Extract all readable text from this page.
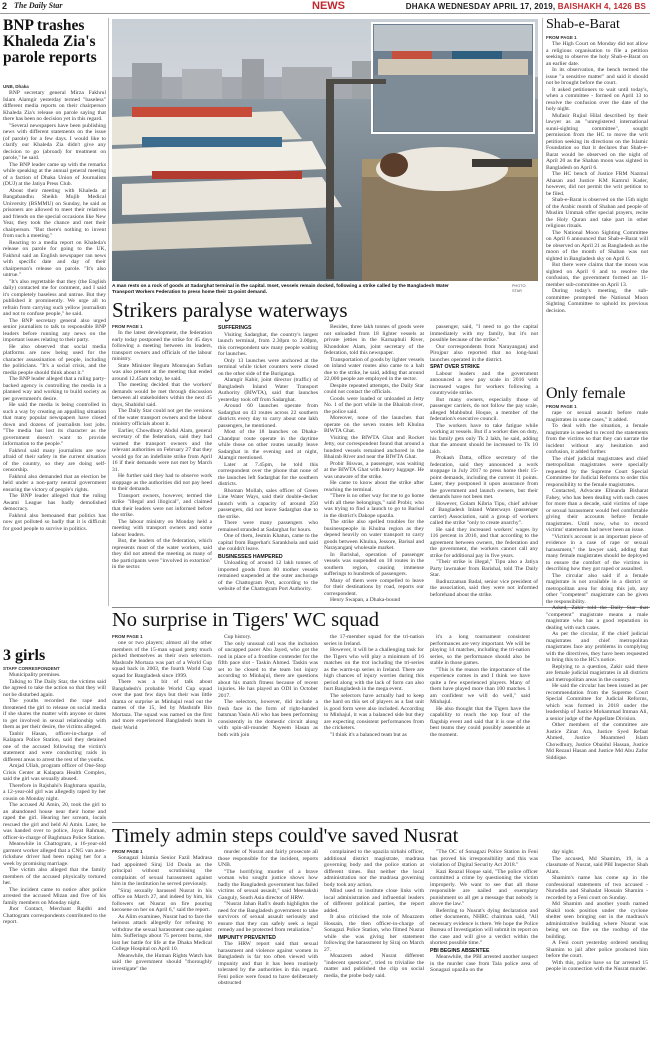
2 The Daily Star	NEWS	DHAKA WEDNESDAY APRIL 17, 2019, BAISHAKH 4, 1426 BS
BNP trashes Khaleda Zia's parole reports
UNB, Dhaka

BNP secretary general Mirza Fakhrul Islam Alamgir yesterday termed "baseless" different media reports on their chairperson Khaleda Zia's release on parole saying that there has been no decision yet in this regard.

"Several newspapers have been publishing news with different statements on the issue (of parole) for a few days. I would like to clarify our Khaleda Zia didn't give any decision to go (abroad) for treatment on parole," he said.

The BNP leader came up with the remarks while speaking at the annual general meeting of a faction of Dhaka Union of Journalists (DUJ) at the Jatiya Press Club.

About their meeting with Khaleda at Bangabandhu Sheikh Mujib Medical University (BSMMU) on Sunday, he said as prisoners are allowed to meet their relatives and friends on the special occasions like New Year, they took the chance and met their chairperson. "But there's nothing to invent from such a meeting."

Reacting to a media report on Khaleda's release on parole for going to the UK, Fakhrul said an English newspaper ran news with specific date and day of their chairperson's release on parole. "It's also untrue."

"It's also regrettable that they (the English daily) contacted me for comment, and I said it's completely baseless and untrue. But they published it prominently. We urge all to refrain from carrying such yellow journalism and not to confuse people," he said.

The BNP secretary general also urged senior journalists to talk to responsible BNP leaders before running any news on the important issues relating to their party.

He also observed that social media platforms are now being used for the character assassination of people, including the politicians. "It's a social crisis, and the media people should think about it."

The BNP leader alleged that a ruling party-backed agency is controlling the media in a planned way and working to build society as per government's desire.

He said the media is being controlled in such a way by creating an appalling situation that many popular newspapers have closed down and dozens of journalists lost jobs. "The media has lost its character as the government doesn't want to provide information to the people."

Fakhrul said many journalists are now afraid of their safety in the current situation of the country, so they are doing self-censorship.

Fakhrul also demanded that an election be held under a non-party neutral government ensuring the victory of people's rights.

The BNP leader alleged that the ruling Awami League has badly demolished democracy.

Fakhrul also bemoaned that politics has now got polluted so badly that it is difficult for good people to survive in politics.

3 girls
STAFF CORRESPONDENT

Municipality premises.

Talking to The Daily Star, the victims said the agreed to take the action so that they will not be disturbed again.

The youths recorded the rape and threatened the girl to release on social media if she shares the matter with anyone or dares to get involved in sexual relationship with them as per their desire, the victims alleged.

Tanbir Hasan, officer-in-charge of Kalapara Police Station, said they detained one of the accused following the victim's statement and were conducting raids in different areas to arrest the rest of the youths.

Amjad Ullah, program officer of One-Stop Crisis Center at Kalapara Health Complex, said the girl was sexually abused.

Therefore in Rajshahi's Baghmara upazila, a 12-year-old girl was allegedly raped by her cousin on Monday night.

The accused Al Amin, 20, took the girl to an abandoned house near their home and raped the girl. Hearing her scream, locals rescued the girl and held Al Amin. Later, he was handed over to police, Joyat Rahman, officer-in-charge of Baghmara Police Station.

Meanwhile in Chattogram, a 16-year-old garment worker alleged that a CNG van auto-rickshaw driver had been raping her for a week by promising marriage.

The victim also alleged that the family members of the accused physically tortured her.

The incident came to notice after police arrested the accused Mizan and five of his family members on Monday night.

Jhor Contact, Merchant Rajdhi and Chattogram correspondents contributed to the report.

A man rests on a rock of goods at Sadarghat terminal in the capital. Inset, vessels remain docked, following a strike called by the Bangladesh Water Transport Workers Federation to press home their 11-point demand.
PHOTO:
STAR
Strikers paralyse waterways
FROM PAGE 1

In the latest development, the federation early today postponed the strike for 45 days following a meeting between its leaders, transport owners and officials of the labour ministry.

State Minister Begum Monnujan Sufian was also present at the meeting that ended around 12.45am today, he said.

The meeting decided that the workers' demands would be met through discussion between all stakeholders within the next 45 days, Shahidul said.

The Daily Star could not get the versions of the water transport owners and the labour ministry officials about it.

Earlier, Chowdhury Abdul Alam, general secretary of the federation, said they had warned the transport owners and the relevant authorities on February 27 that they would go for an indefinite strike from April 16 if their demands were not met by March 31.

He further said they had to observe work stoppage as the authorities did not pay heed to their demands.

Transport owners, however, termed the strike "illegal and illogical", and claimed that their leaders were not informed before the strike.

The labour ministry on Monday held a meeting with transport owners and some labour leaders.

But, the leaders of the federation, which represents most of the water workers, said they did not attend the meeting as many of the participants were "involved in extortion" in the sector.

SUFFERINGS

Visiting Sadarghat, the country's largest launch terminal, from 2.30pm to 3.00pm, this correspondent saw many people waiting for launches.

Only 13 launches were anchored at the terminal while ticket counters were closed on the other side of the Buriganga.

Alamgir Kabir, joint director (traffic) of Bangladesh Inland Water Transport Authority (BIWTA), said that launches yesterday took off from Sadarghat.

Around 60 launches operate from Sadarghat on 43 routes across 22 southern districts every day to carry about one lakh passengers, he mentioned.

Most of the 18 launches on Dhaka-Chandpur route operate in the daytime while those on other routes usually leave Sadarghat in the evening and at night, Alamgir mentioned.

Later at 7.45pm, he told this correspondent over the phone that none of the launches left Sadarghat for the southern districts.

Rhoman Mollah, sales officer of Green Line Water Ways, said their double-decker launch with a capacity of around 250 passengers, did not leave Sadarghat due to the strike.

There were many passengers who remained stranded at Sadarghat for hours.

One of them, Jesmin Khatun, came to the capital from Bagerhat's Sarankhola and said she couldn't leave.

BUSINESSES HAMPERED

Unloading of around 12 lakh tonnes of imported goods from 80 mother vessels remained suspended at the outer anchorage of the Chattogram Port, according to the website of the Chattogram Port Authority.

Besides, three lakh tonnes of goods were not unloaded from 18 lighter vessels at private jetties in the Karnaphuli River, Khondoker Alam, joint secretary of the federation, told this newspaper.

Transportation of goods by lighter vessels on inland water routes also came to a halt due to the strike, he said, adding that around 22,000 people are employed in the sector.

Despite repeated attempts, the Daily Star could not contact the officials.

Goods were loaded or unloaded at Jetty No. 1 of the port while in the Bhairab river, the police said.

Moreover, none of the launches that operate on the seven routes left Khulna BIWTA Ghat.

Visiting the BIWTA Ghat and Rocket Jetty, our correspondent found that around a hundred vessels remained anchored in the Bhairab River and near the BIWTA Ghat.

Probir Biswas, a passenger, was waiting at the BIWTA Ghat with heavy luggage. He was unaware of the strike.

He came to know about the strike after reaching the terminal.

"There is no other way for me to go home with all these belongings," said Probir, who was trying to find a launch to go to Barisal in the district's Dakope upazila.

The strike also spelled troubles for the businesspeople in Khulna region as they depend heavily on water transport to carry goods between Khulna, Jessore, Barisal and Narayanganj wholesale market.

In Barishal, operation of passenger vessels was suspended on 18 routes in the southern region, causing immense sufferings to hundreds of passengers.

Many of them were compelled to leave for their destinations by road, reports our correspondent.

Henry Swapan, a Dhaka-bound

passenger, said, "I need to go the capital immediately with my family, but it's not possible because of the strike."

Our correspondents from Narayanganj and Pirojpur also reported that no long-haul launches operated in the district.

SPAT OVER STRIKE

Labour leaders and the government announced a new pay scale in 2016 with increased wages for workers following a countrywide strike.

But many owners, especially those of passenger carriers, do not follow the pay scale, alleged Mahbubul Hoque, a member of the federation's executive council.

The workers have to take fatigue while working at vessels. But if a worker dies on duty, his family gets only Tk 2 lakh, he said, adding that the amount should be increased to Tk 10 lakh.

Prokash Datta, office secretary of the federation, said they announced a work stoppage in July 2017 to press home their 15-point demands, including the current 11 points. Later, they postponed it upon assurance from the government and launch owners, but their demands have not been met.

However, Golam Kibria Tipu, chief adviser of Bangladesh Inland Waterways (passenger carrier) Association, said a group of workers called the strike "only to create anarchy".

He said they increased workers' wages by 116 percent in 2016, and that according to the agreement between owners, the federation and the government, the workers cannot call any strike for additional pay in five years.

"Their strike is illegal," Tipu also a Jatiya Party lawmaker from Barishal, told The Daily Star.

Badiuzzaman Badal, senior vice president of the association, said they were not informed beforehand about the strike.

Shab-e-Barat
FROM PAGE 1

The High Court on Monday did not allow a religious organisation to file a petition seeking to observe the holy Shab-e-Barat on an earlier date.

In its observation, the bench termed the issue "a sensitive matter" and said it should not be brought before the court.

It asked petitioners to wait until today's, when a committee - formed on April 13 to resolve the confusion over the date of the holy night.

Mufasir Rujiul Hilal described by their lawyer as an "unregistered international sunni-sighting committee", sought permission from the HC to move the writ petition seeking its directions on the Islamic Foundation so that it declares that Shab-e-Barat would be observed on the night of April 20 as the Shaban moon was sighted in Bangladesh on April 6.

The HC bench of Justice FRM Nazmul Ahasan and Justice KM Kamrul Kader, however, did not permit the writ petition to be filed.

Shab-e-Barat is observed on the 15th night of the Arabic month of Shaban and people of Muslim Ummah offer special prayers, recite the Holy Quran and take part in other religious rituals.

The National Moon Sighting Committee on April 6 announced that Shab-e-Barat will be observed on April 21 as Bangladesh as the moon of the month of Shaban was not sighted in Bangladesh sky on April 6.

But there were claims that the moon was sighted on April 6 and to resolve the confusion, the government formed an 11-member sub-committee on April 13.

During today's meeting, the sub-committee prompted the National Moon Sighting Committee to uphold its previous decision.

Only female
FROM PAGE 1

rape or sexual assault before male magistrates in some cases," it added.

To deal with the situation, a female magistrate is needed to record the statements from the victims so that they can narrate the incident without any hesitation and confusion, it added further.

The chief judicial magistrates and chief metropolitan magistrates were specially requested by the Supreme Court Special Committee for Judicial Reforms to order this responsibility to the female magistrates.

Contacted, Advocate Elinanda Bisharat Fahey, who has been dealing with such cases for more than a decade, said victims of rape or sexual harassment would feel comfortable giving their accounts before female magistrates. Until now, who to record victims' statements had never been an issue.

"Victim's account is an important piece of evidence in a case of rape or sexual harassment," the lawyer said, adding that many female magistrates should be deployed to ensure the comfort of the victims in describing how they got raped or assaulted.

The circular also said if a female magistrate is not available in a district or metropolitan area for doing this job, any other "competent" magistrate can be given the responsibility.

Asked, Zakir told the Daily Star that "competent" magistrate means a male magistrate who has a good reputation in dealing with such cases.

As per the circular, if the chief judicial magistrates and chief metropolitan magistrates face any problems in complying with the directives, they have been requested to bring this to the HC's notice.

Replying to a question, Zakir said there are female judicial magistrates in all districts and metropolitan areas in the country.

He said the circular has been issued as per recommendation from the Supreme Court Special Committee for Judicial Reforms, which was formed in 2018 under the leadership of Justice Mohammad Imman Ali, a senior judge of the Appellate Division.

Other members of the committee are Justice Zinat Ara, Justice Syed Refaat Ahmed, Justice Moammed Islam Chowdhury, Justice Obaidul Hassan, Justice Md Rezaul Hasan and Justice Md Abu Zafor Siddique.

No surprise in Tigers' WC squad
FROM PAGE 1

one or two players; almost all the other members of the 15-man squad pretty much picked themselves as their own selectors. Mashrafe Mortaza was part of a World Cup squad back in 2003, the fourth World Cup squad for Bangladesh since 1999.

There was a bit of talk about Bangladesh's probable World Cup squad over the past few days but their was little drama or surprise as Minhajul read out the names of the 15, led by Mashrafe Bin Mortaza. The squad was named on the first and more experienced Bangladesh team in their World

Cup history.

The only unusual call was the inclusion of uncapped pacer Abu Jayed, who got the nod in place of a frontline contender for the fifth pace slot - Taskin Ahmed. Taskin was set to be closed to the team but injury according to Minhajul, there are questions about his match fitness because of recent injuries. He has played an ODI in October 2017.

The selectors, however, did include a fresh face in the form of right-handed batsman Yasin Ali who has been performing consistently in the domestic circuit along with spin-all-rounder Nayeem Hasan as both with join

the 17-member squad for the tri-nation series in Ireland.

However, it will be a challenging task for the Tigers who will play a minimum of 16 matches on the trot including the tri-series as the warm-up series in Ireland. There are high chances of injury worries during this period along with the lack of form can also hurt Bangladesh in the mega event.

The selectors have actually had to keep the hard on this set of players as a fast unit is good form were also included. According to Minhajul, it was a balanced side but they are expecting consistent performances from the cricketers.

"I think it's a balanced team but as

it's a long tournament consistent performances are very important. We will be playing 14 matches, including the tri-nation series, so the performance should also be stable in those games.

"This is the reason the importance of the experience comes in and I think we have quite a few experienced players. Many of them have played more than 100 matches. I am confident we will do well," said Minhajul.

He also thought that the Tigers have the capability to reach the top four of the flagship event and said that it is one of the best teams they could possibly assemble at the moment.

Timely admin steps could've saved Nusrat
FROM PAGE 1

Sonagazi Islamia Senior Fazil Madrasa had appointed Siraj Ud Doula as the principal without scrutinising the complaints of sexual harassment against him in the institution he served previously.

"Siraj sexually harassed Nusrat in his office on March 27, and indeed by him, his followers set Nusrat on fire pouring kerosene on her on April 6," said the report.

As Alim examinee, Nusrat had to face the heinous attack allegedly for refusing to withdraw the sexual harassment case against him. Sufferings about 75 percent burns, she lost her battle for life at the Dhaka Medical College Hospital on April 10.

Meanwhile, the Human Rights Watch has said the government should "thoroughly investigate" the

murder of Nusrat and fairly prosecute all those responsible for the incident, reports UNB.

"The horrifying murder of a brave woman who sought justice shows how badly the Bangladesh government has failed victims of sexual assault," said Meenakshi Ganguly, South Asia director of HRW.

"Nusrat Jahan Rafi's death highlights the need for the Bangladesh government to take survivors of sexual assault seriously and ensure that they can safely seek a legal remedy and be protected from retaliation."

IMPUNITY PREVENTED

The HRW report said that sexual harassment and violence against women in Bangladesh is far too often viewed with impunity and that it has been routinely tolerated by the authorities in this regard. Feni police were found to have deliberately obstructed

complained to the upazila nirbahi officer, additional district magistrate, madrasa governing body and the police station at different times. But neither the local administration nor the madrasa governing body took any action.

Mind used to institute close links with local administration and influential leaders of different political parties, the report added.

It also criticised the role of Moazzem Hossain, the then officer-in-charge of Sonagazi Police Station, who filmed Nusrat while she was giving her statement following the harassment by Siraj on March 27.

Moazzem asked Nusrat different "indecent questions", tried to trivialise the matter and published the clip on social media, the probe body said.

"The OC of Sonagazi Police Station in Feni has proved his irresponsibility and this was violation of Digital Security Act 2018."

Kazi Reazul Hoque said, "The police officer committed a crime by questioning the victim improperly. We want to see that all those responsible are nailed and exemplary punishment so all get a message that nobody is above the law."

Referring to Nusrat's dying declaration and other documents, NHRC chairman said, "All necessary evidence is there. We hope the Police Bureau of Investigation will submit its report on the case and will give a verdict within the shortest possible time."

PBI BEGINS ABSENTEE

Meanwhile, the PBI arrested another suspect in the murder case from Tala police area of Sonagazi upazila on the

day night.

The accused, Md Shamim, 19, is a classmate of Nusrat, said PBI Inspector Shah Alam.

Shamim's name has come up in the confessional statements of two accused - Nuruddin and Shahadat Hossain Shamim - recorded by a Feni court on Sunday.

Md Shamim and another youth named Shakil took position under the cyclone shelter seen bringing out in the madrasa's administrative building where Nusrat was being set on fire on the rooftop of the building.

A Feni court yesterday ordered sending Shamim to jail after police produced him before the court.

With this, police have so far arrested 15 people in connection with the Nusrat murder.
